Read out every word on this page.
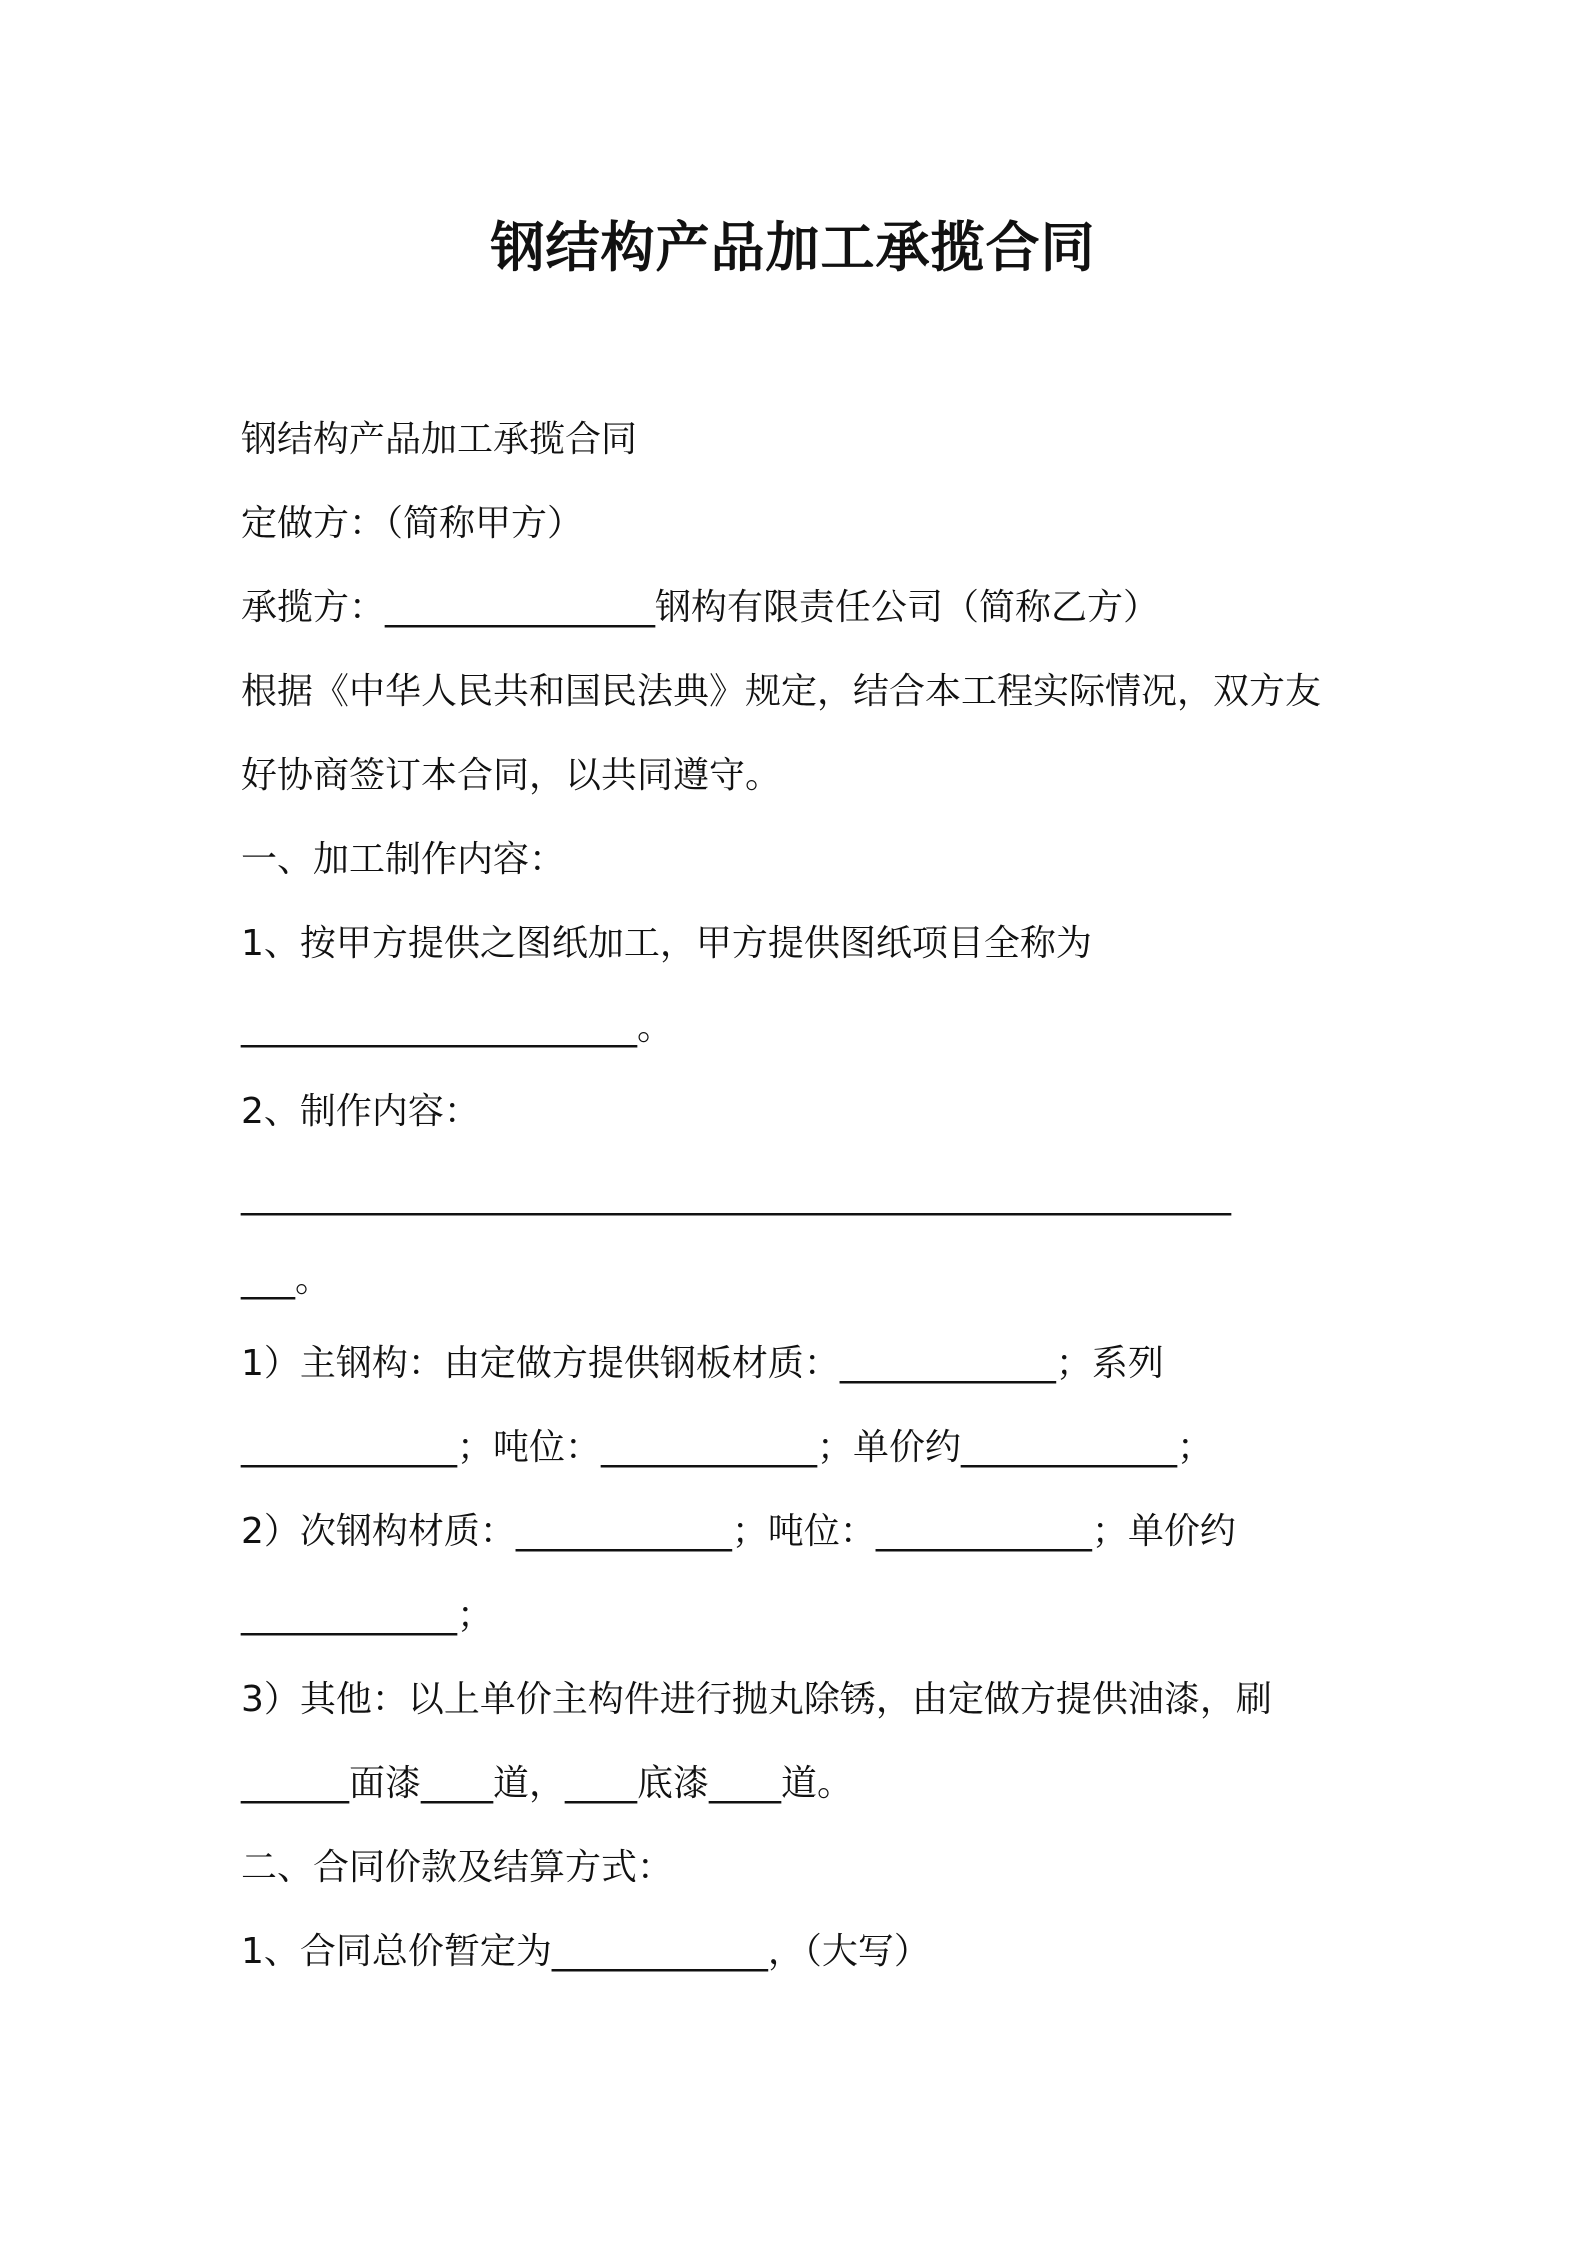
钢结构产品加工承揽合同

钢结构产品加工承揽合同

定做方：（简称甲方）

承揽方：_______________钢构有限责任公司（简称乙方）

根据《中华人民共和国民法典》规定，结合本工程实际情况，双方友

好协商签订本合同，以共同遵守。

一、加工制作内容：

1、按甲方提供之图纸加工，甲方提供图纸项目全称为

______________________。

2、制作内容：

_______________________________________________________

___。

1）主钢构：由定做方提供钢板材质：____________；系列

____________；吨位：____________；单价约____________；

2）次钢构材质：____________；吨位：____________；单价约

____________；

3）其他：以上单价主构件进行抛丸除锈，由定做方提供油漆，刷

______面漆____道，____底漆____道。

二、合同价款及结算方式：

1、合同总价暂定为____________，（大写）
